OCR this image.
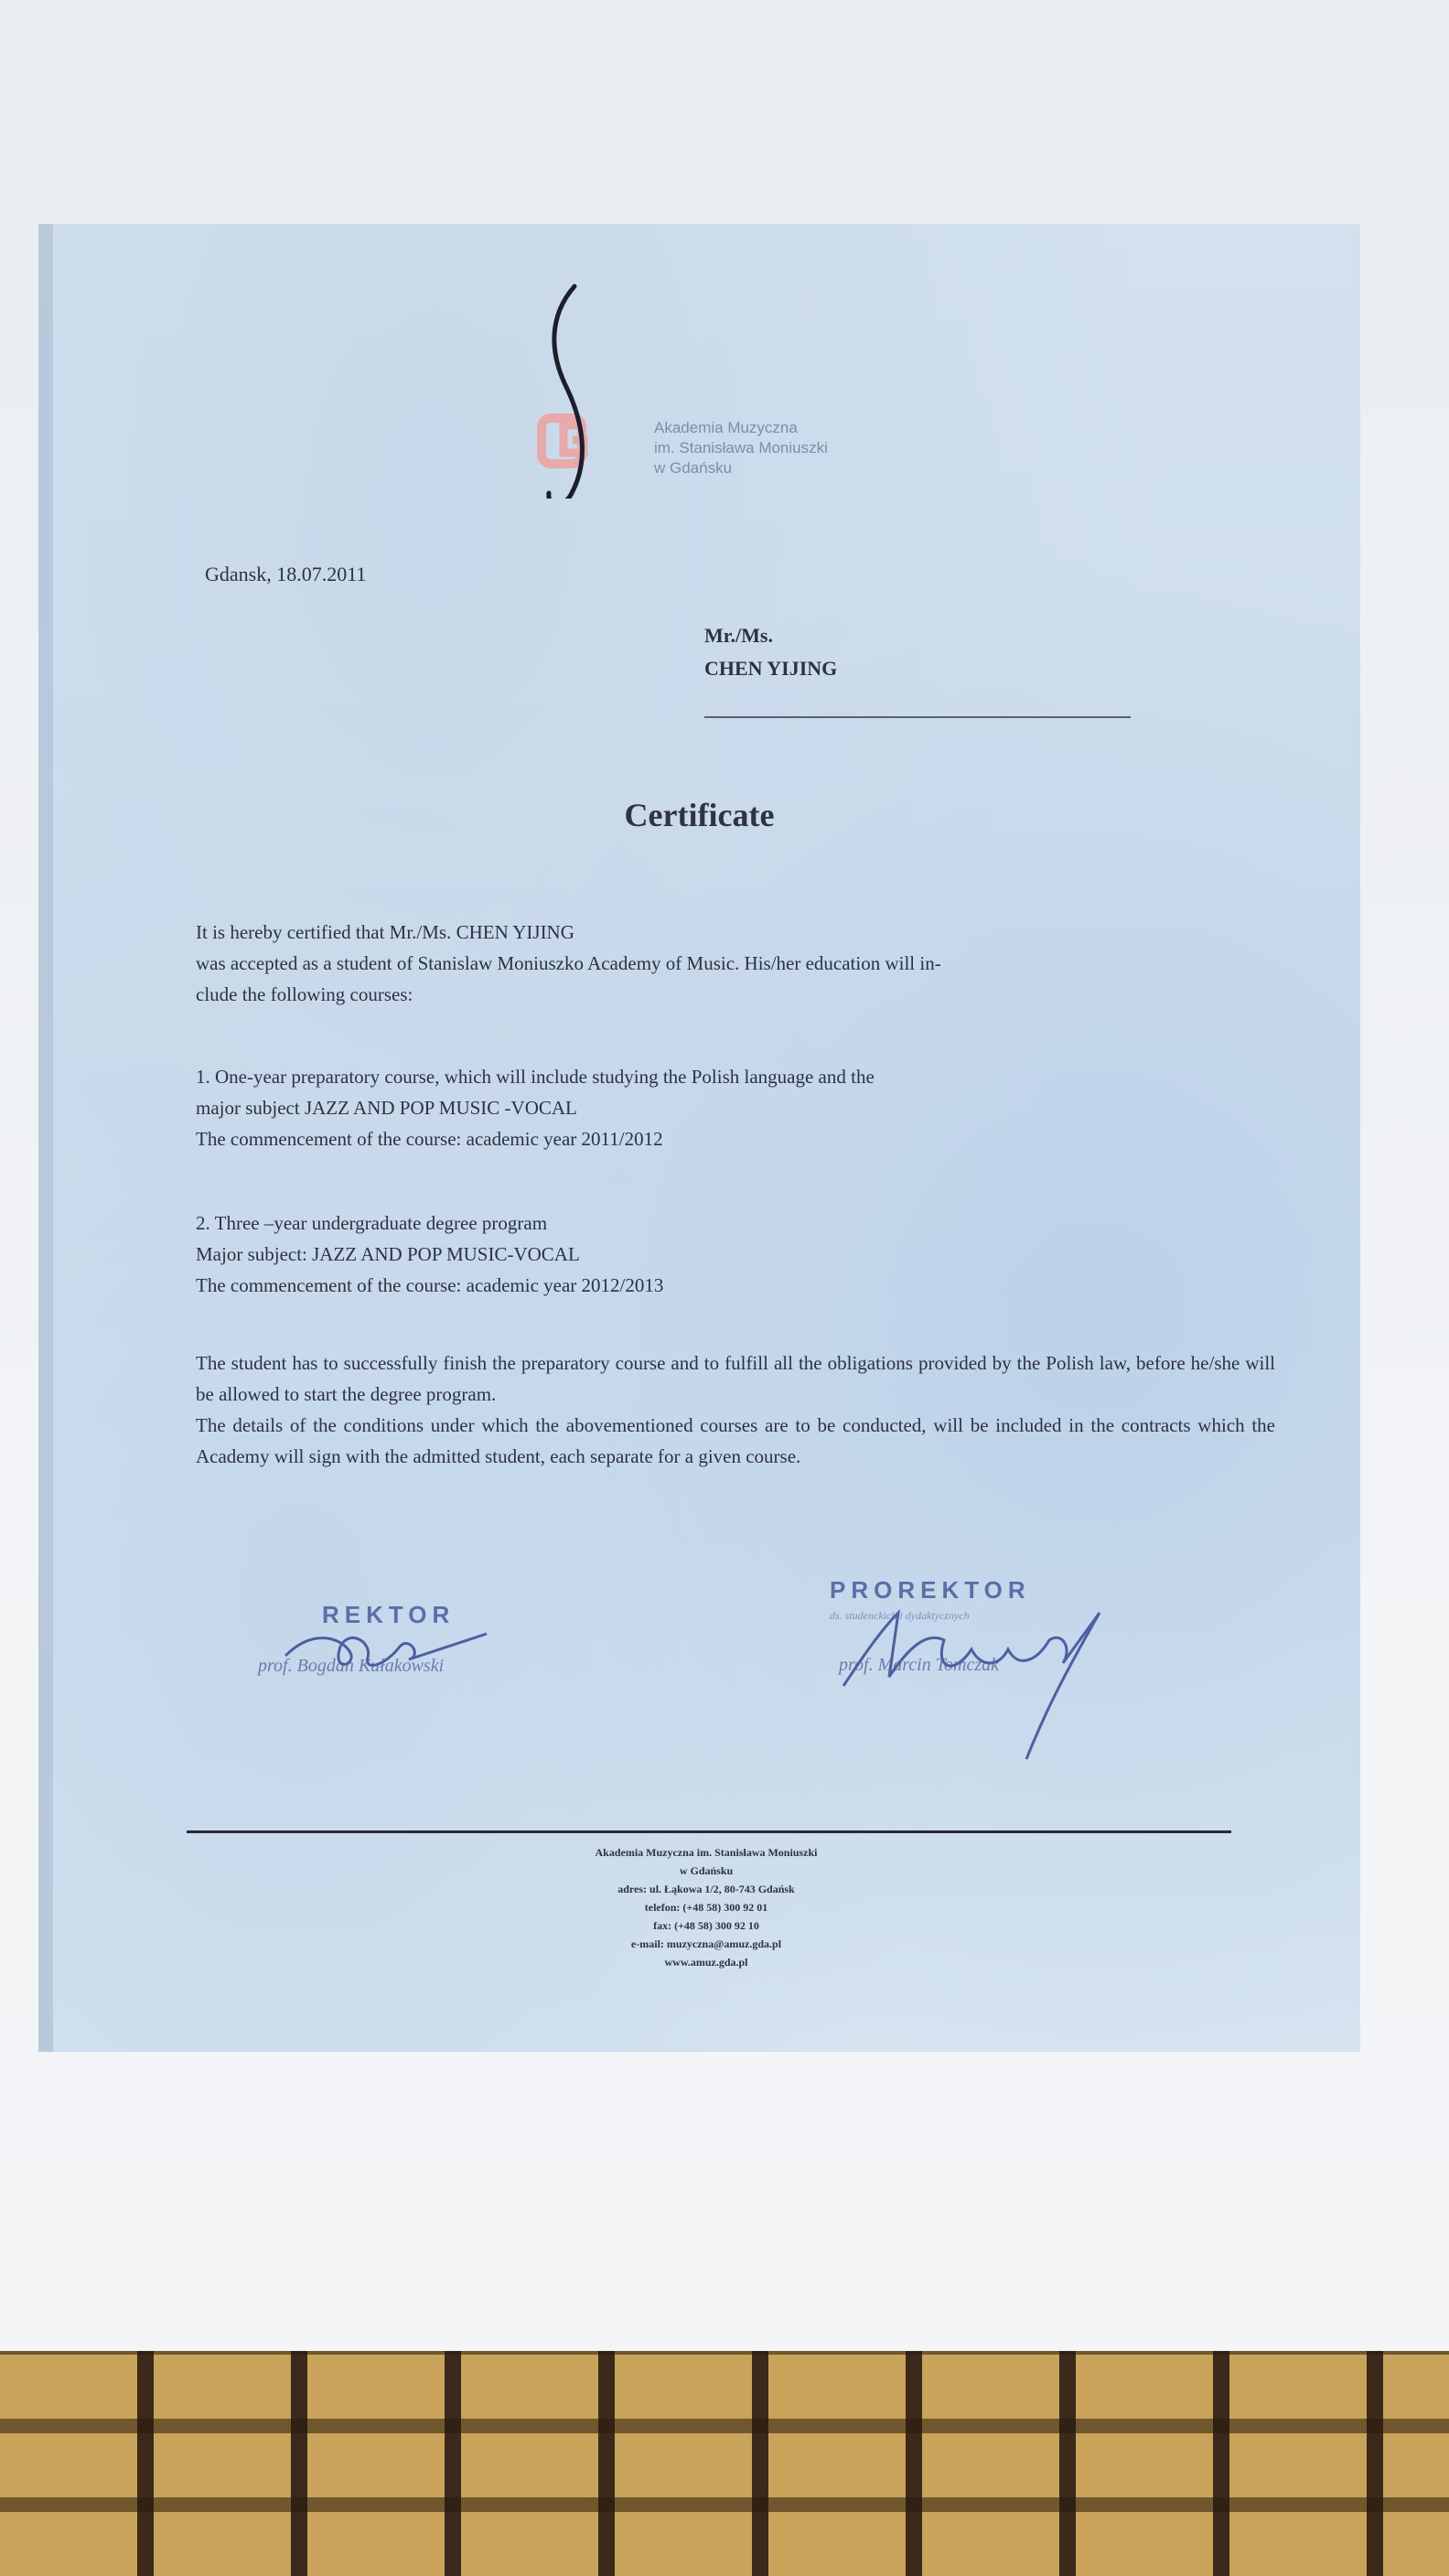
Akademia Muzyczna
im. Stanisława Moniuszki
w Gdańsku
Gdansk, 18.07.2011
Mr./Ms.
CHEN YIJING
Certificate
It is hereby certified that Mr./Ms. CHEN YIJING
was accepted as a student of Stanislaw Moniuszko Academy of Music. His/her education will in-
clude the following courses:
1. One-year preparatory course, which will include studying the Polish language and the
major subject JAZZ AND POP MUSIC -VOCAL
The commencement of the course: academic year 2011/2012
2. Three –year undergraduate degree program
Major subject: JAZZ AND POP MUSIC-VOCAL
The commencement of the course: academic year 2012/2013

The student has to successfully finish the preparatory course and to fulfill all the obligations provided by the Polish law, before he/she will be allowed to start the degree program.

The details of the conditions under which the abovementioned courses are to be conducted, will be included in the contracts which the Academy will sign with the admitted student, each separate for a given course.

REKTOR
prof. Bogdan Kułakowski
PROREKTOR
ds. studenckich i dydaktycznych
prof. Marcin Tomczak
Akademia Muzyczna im. Stanisława Moniuszki
w Gdańsku
adres: ul. Łąkowa 1/2, 80-743 Gdańsk
telefon: (+48 58) 300 92 01
fax: (+48 58) 300 92 10
e-mail: muzyczna@amuz.gda.pl
www.amuz.gda.pl
